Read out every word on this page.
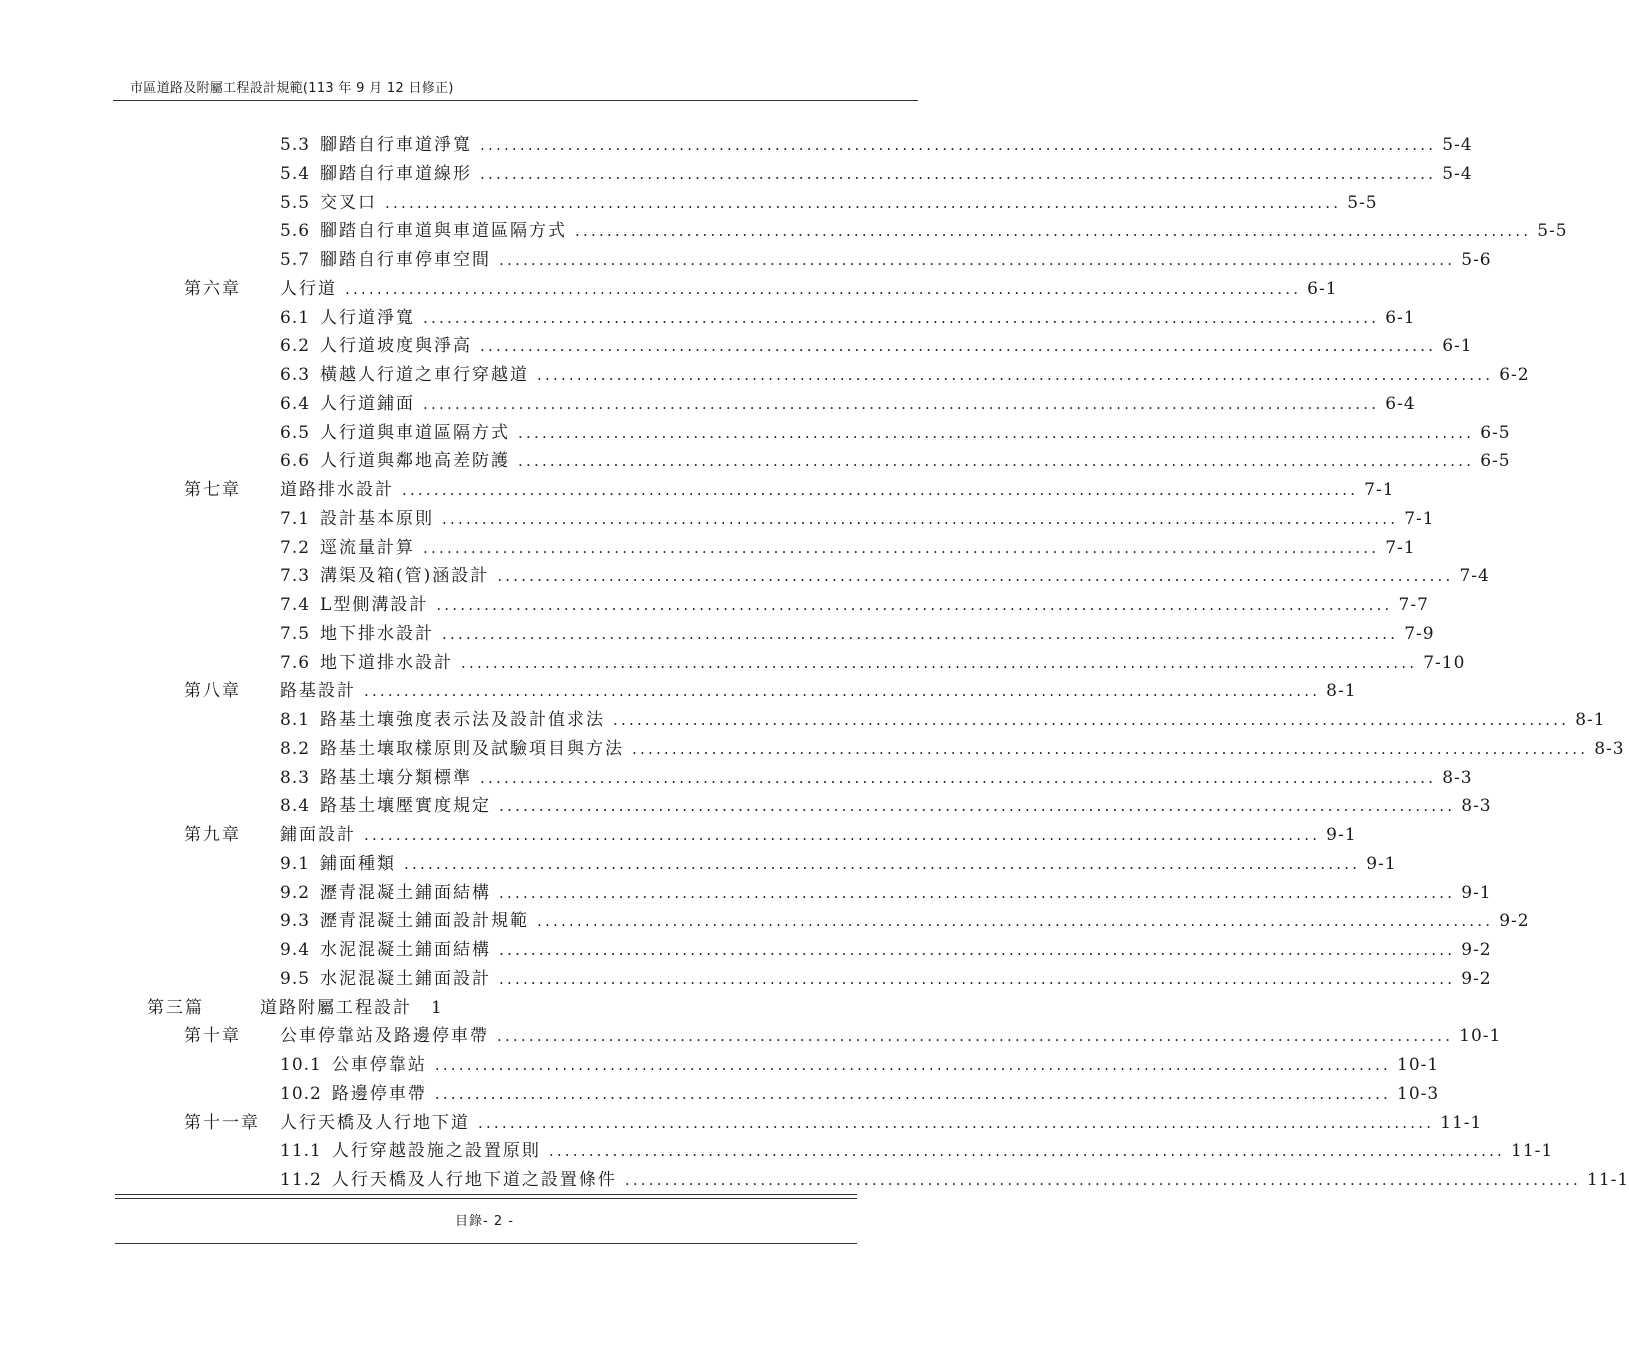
市區道路及附屬工程設計規範(113 年 9 月 12 日修正)
5.3 腳踏自行車道淨寬 ........................................................................................................................ 5-4
5.4 腳踏自行車道線形 ........................................................................................................................ 5-4
5.5 交叉口 ........................................................................................................................ 5-5
5.6 腳踏自行車道與車道區隔方式 ........................................................................................................................ 5-5
5.7 腳踏自行車停車空間 ........................................................................................................................ 5-6
第六章 人行道 ........................................................................................................................ 6-1
6.1 人行道淨寬 ........................................................................................................................ 6-1
6.2 人行道坡度與淨高 ........................................................................................................................ 6-1
6.3 橫越人行道之車行穿越道 ........................................................................................................................ 6-2
6.4 人行道鋪面 ........................................................................................................................ 6-4
6.5 人行道與車道區隔方式 ........................................................................................................................ 6-5
6.6 人行道與鄰地高差防護 ........................................................................................................................ 6-5
第七章 道路排水設計 ........................................................................................................................ 7-1
7.1 設計基本原則 ........................................................................................................................ 7-1
7.2 逕流量計算 ........................................................................................................................ 7-1
7.3 溝渠及箱(管)涵設計 ........................................................................................................................ 7-4
7.4 L型側溝設計 ........................................................................................................................ 7-7
7.5 地下排水設計 ........................................................................................................................ 7-9
7.6 地下道排水設計 ........................................................................................................................ 7-10
第八章 路基設計 ........................................................................................................................ 8-1
8.1 路基土壤強度表示法及設計值求法 ........................................................................................................................ 8-1
8.2 路基土壤取樣原則及試驗項目與方法 ........................................................................................................................ 8-3
8.3 路基土壤分類標準 ........................................................................................................................ 8-3
8.4 路基土壤壓實度規定 ........................................................................................................................ 8-3
第九章 鋪面設計 ........................................................................................................................ 9-1
9.1 鋪面種類 ........................................................................................................................ 9-1
9.2 瀝青混凝土鋪面結構 ........................................................................................................................ 9-1
9.3 瀝青混凝土鋪面設計規範 ........................................................................................................................ 9-2
9.4 水泥混凝土鋪面結構 ........................................................................................................................ 9-2
9.5 水泥混凝土鋪面設計 ........................................................................................................................ 9-2
第三篇	道路附屬工程設計 1
第十章 公車停靠站及路邊停車帶 ........................................................................................................................ 10-1
10.1 公車停靠站 ........................................................................................................................ 10-1
10.2 路邊停車帶 ........................................................................................................................ 10-3
第十一章 人行天橋及人行地下道 ........................................................................................................................ 11-1
11.1 人行穿越設施之設置原則 ........................................................................................................................ 11-1
11.2 人行天橋及人行地下道之設置條件 ........................................................................................................................ 11-1
目錄- 2 -
